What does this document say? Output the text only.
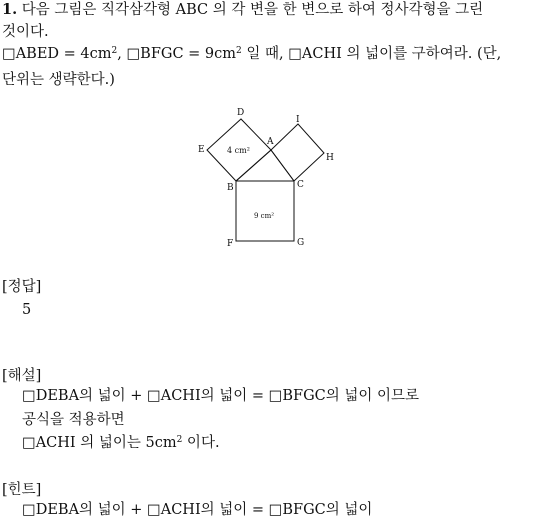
1. 다음 그림은 직각삼각형 ABC 의 각 변을 한 변으로 하여 정사각형을 그린
것이다.
□ABED = $4cm^2$, □BFGC = $9cm^2$ 일 때, □ACHI 의 넓이를 구하여라. (단,
단위는 생략한다.)
D
E
A
I
H
B	C
F	G
4 cm²
9 cm²
[정답]
5
[해설]
□DEBA의 넓이 + □ACHI의 넓이 = □BFGC의 넓이 이므로
공식을 적용하면
□ACHI 의 넓이는 $5cm^2$ 이다.
[힌트]
□DEBA의 넓이 + □ACHI의 넓이 = □BFGC의 넓이
